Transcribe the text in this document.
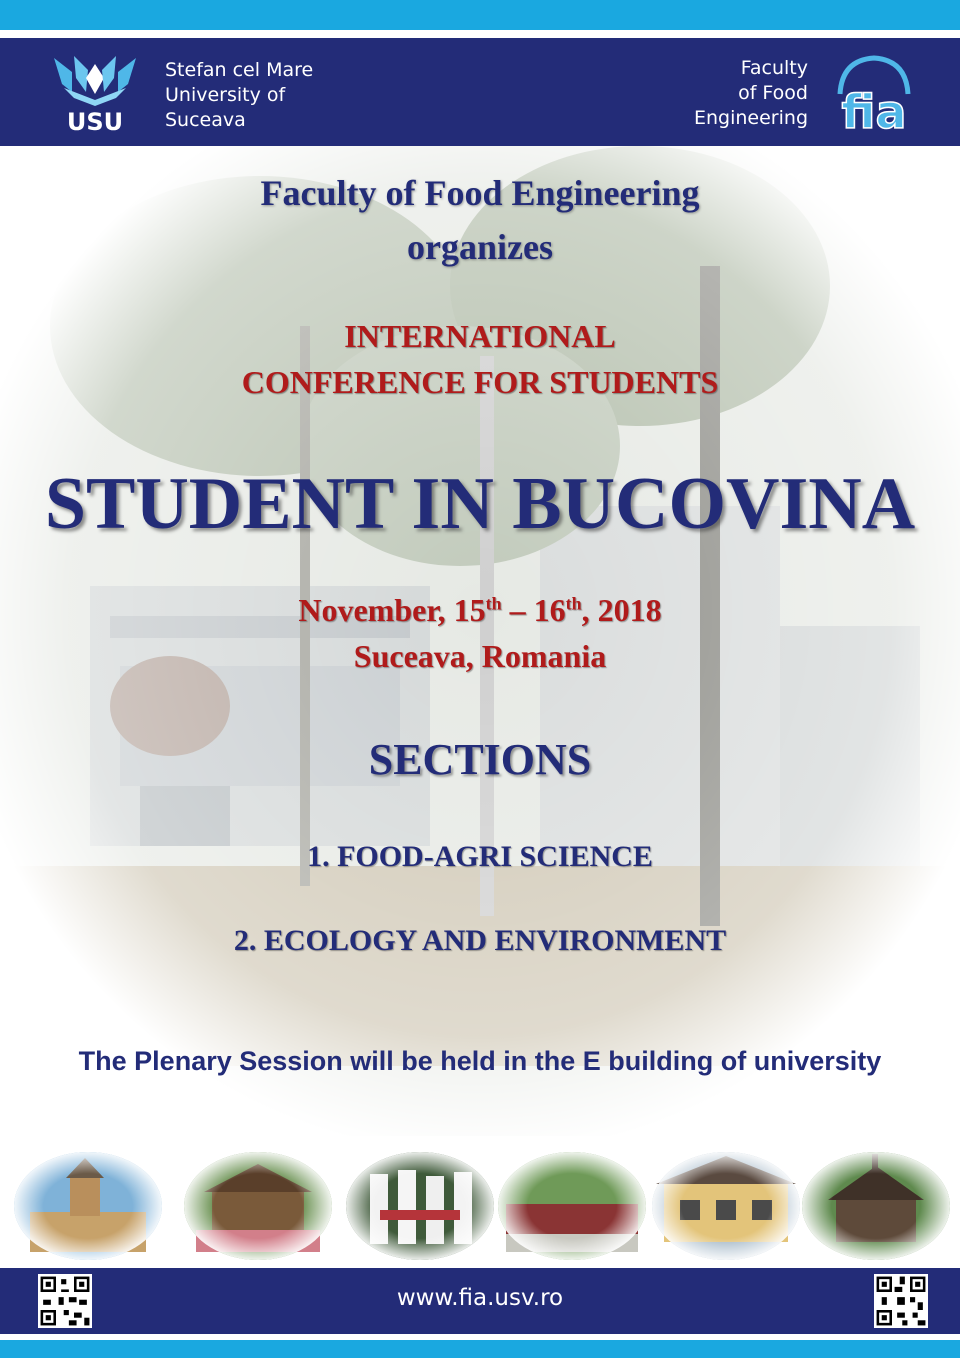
USU
Stefan cel Mare
University of
Suceava
Faculty
of Food
Engineering fia
Faculty of Food Engineering
organizes
INTERNATIONAL
CONFERENCE FOR STUDENTS
STUDENT IN BUCOVINA
November, 15th – 16th, 2018
Suceava, Romania
SECTIONS
1. FOOD-AGRI SCIENCE
2. ECOLOGY AND ENVIRONMENT
The Plenary Session will be held in the E building of university
www.fia.usv.ro
